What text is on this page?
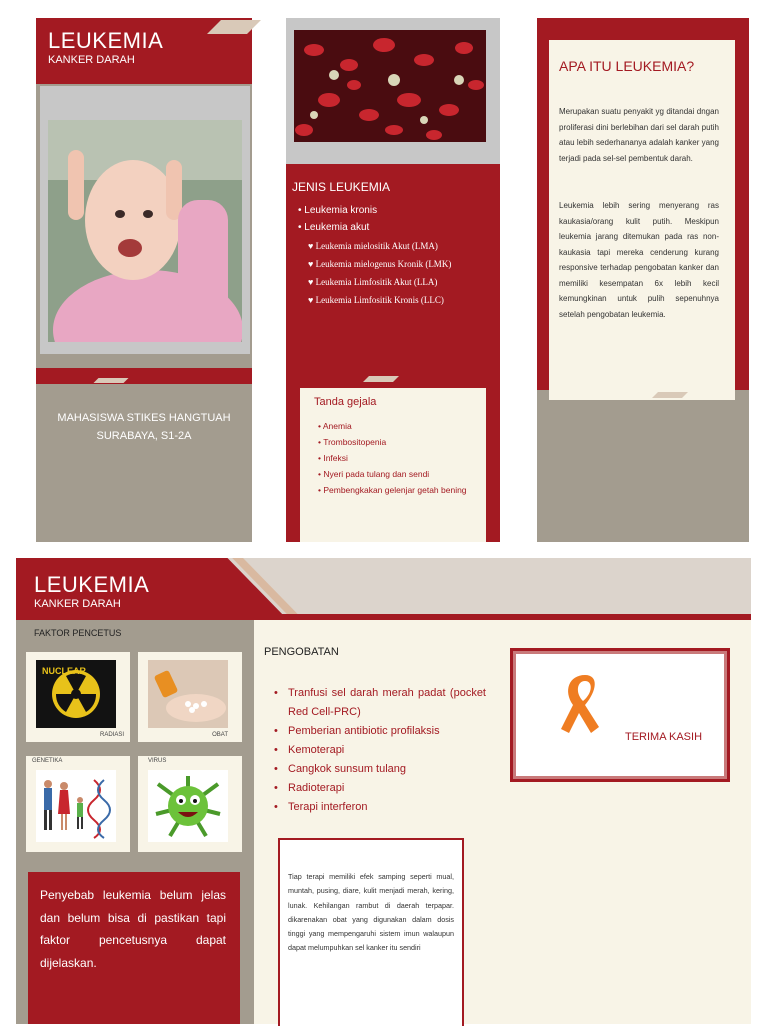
LEUKEMIA
KANKER DARAH
MAHASISWA STIKES HANGTUAH
SURABAYA, S1-2A
JENIS LEUKEMIA
• Leukemia kronis
• Leukemia akut
♥ Leukemia mielositik Akut (LMA)
♥ Leukemia mielogenus Kronik (LMK)
♥ Leukemia Limfositik Akut (LLA)
♥ Leukemia Limfositik Kronis (LLC)
Tanda gejala
• Anemia
• Trombositopenia
• Infeksi
• Nyeri pada tulang dan sendi
• Pembengkakan gelenjar getah bening
APA ITU LEUKEMIA?
Merupakan suatu penyakit yg ditandai dngan proliferasi dini berlebihan dari sel darah putih atau lebih sederhananya adalah kanker yang terjadi pada sel-sel pembentuk darah.
Leukemia lebih sering menyerang ras kaukasia/orang kulit putih. Meskipun leukemia jarang ditemukan pada ras non-kaukasia tapi mereka cenderung kurang responsive terhadap pengobatan kanker dan memiliki kesempatan 6x lebih kecil kemungkinan untuk pulih sepenuhnya setelah pengobatan leukemia.
LEUKEMIA
KANKER DARAH
FAKTOR PENCETUS
NUCLEAR
RADIASI	OBAT
GENETIKA	VIRUS
Penyebab leukemia belum jelas dan belum bisa di pastikan tapi faktor pencetusnya dapat dijelaskan.
PENGOBATAN
• Tranfusi sel darah merah padat (pocket Red Cell-PRC)
• Pemberian antibiotic profilaksis
• Kemoterapi
• Cangkok sunsum tulang
• Radioterapi
• Terapi interferon
Tiap terapi memiliki efek samping seperti mual, muntah, pusing, diare, kulit menjadi merah, kering, lunak. Kehilangan rambut di daerah terpapar. dikarenakan obat yang digunakan dalam dosis tinggi yang mempengaruhi sistem imun walaupun dapat melumpuhkan sel kanker itu sendiri
TERIMA KASIH
